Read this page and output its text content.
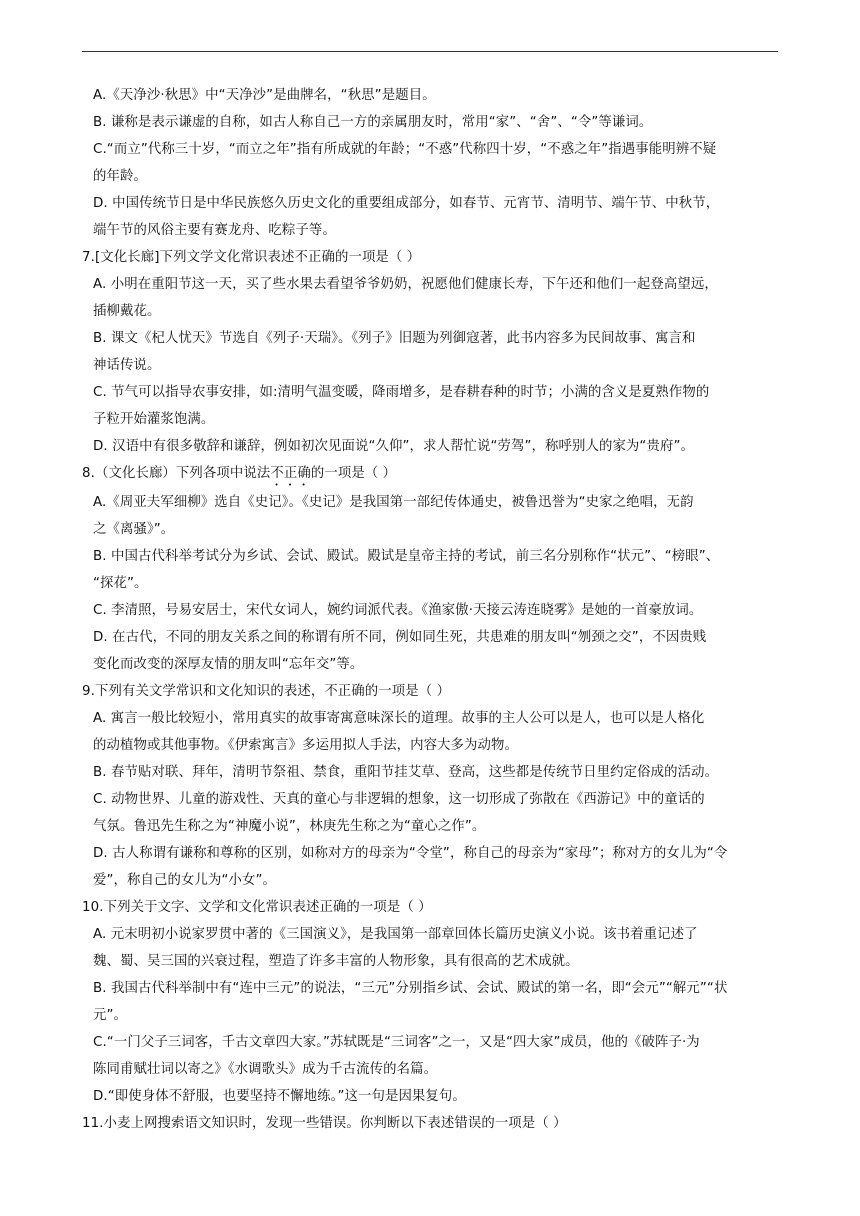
A.《天净沙·秋思》中“天净沙”是曲牌名，“秋思”是题目。
B. 谦称是表示谦虚的自称，如古人称自己一方的亲属朋友时，常用“家”、“舍”、“令”等谦词。
C.“而立”代称三十岁，“而立之年”指有所成就的年龄；“不惑”代称四十岁，“不惑之年”指遇事能明辨不疑
的年龄。
D. 中国传统节日是中华民族悠久历史文化的重要组成部分，如春节、元宵节、清明节、端午节、中秋节，
端午节的风俗主要有赛龙舟、吃粽子等。
7.[文化长廊]下列文学文化常识表述不正确的一项是（ ）
A. 小明在重阳节这一天，买了些水果去看望爷爷奶奶，祝愿他们健康长寿，下午还和他们一起登高望远，
插柳戴花。
B. 课文《杞人忧天》节选自《列子·天瑞》。《列子》旧题为列御寇著，此书内容多为民间故事、寓言和
神话传说。
C. 节气可以指导农事安排，如:清明气温变暖，降雨增多，是春耕春种的时节；小满的含义是夏熟作物的
子粒开始灌浆饱满。
D. 汉语中有很多敬辞和谦辞，例如初次见面说“久仰”，求人帮忙说“劳驾”，称呼别人的家为“贵府”。
8.（文化长廊）下列各项中说法不正确的一项是（ ）
A.《周亚夫军细柳》选自《史记》。《史记》是我国第一部纪传体通史，被鲁迅誉为“史家之绝唱，无韵
之《离骚》”。
B. 中国古代科举考试分为乡试、会试、殿试。殿试是皇帝主持的考试，前三名分别称作“状元”、“榜眼”、
“探花”。
C. 李清照，号易安居士，宋代女词人，婉约词派代表。《渔家傲·天接云涛连晓雾》是她的一首豪放词。
D. 在古代，不同的朋友关系之间的称谓有所不同，例如同生死，共患难的朋友叫“刎颈之交”，不因贵贱
变化而改变的深厚友情的朋友叫“忘年交”等。
9.下列有关文学常识和文化知识的表述，不正确的一项是（ ）
A. 寓言一般比较短小，常用真实的故事寄寓意味深长的道理。故事的主人公可以是人，也可以是人格化
的动植物或其他事物。《伊索寓言》多运用拟人手法，内容大多为动物。
B. 春节贴对联、拜年，清明节祭祖、禁食，重阳节挂艾草、登高，这些都是传统节日里约定俗成的活动。
C. 动物世界、儿童的游戏性、天真的童心与非逻辑的想象，这一切形成了弥散在《西游记》中的童话的
气氛。鲁迅先生称之为“神魔小说”，林庚先生称之为“童心之作”。
D. 古人称谓有谦称和尊称的区别，如称对方的母亲为“令堂”，称自己的母亲为“家母”；称对方的女儿为“令
爱”，称自己的女儿为“小女”。
10.下列关于文字、文学和文化常识表述正确的一项是（ ）
A. 元末明初小说家罗贯中著的《三国演义》，是我国第一部章回体长篇历史演义小说。该书着重记述了
魏、蜀、吴三国的兴衰过程，塑造了许多丰富的人物形象，具有很高的艺术成就。
B. 我国古代科举制中有“连中三元”的说法，“三元”分别指乡试、会试、殿试的第一名，即“会元”“解元”“状
元”。
C.“一门父子三词客，千古文章四大家。”苏轼既是“三词客”之一，又是“四大家”成员，他的《破阵子·为
陈同甫赋壮词以寄之》《水调歌头》成为千古流传的名篇。
D.“即使身体不舒服，也要坚持不懈地练。”这一句是因果复句。
11.小麦上网搜索语文知识时，发现一些错误。你判断以下表述错误的一项是（ ）
